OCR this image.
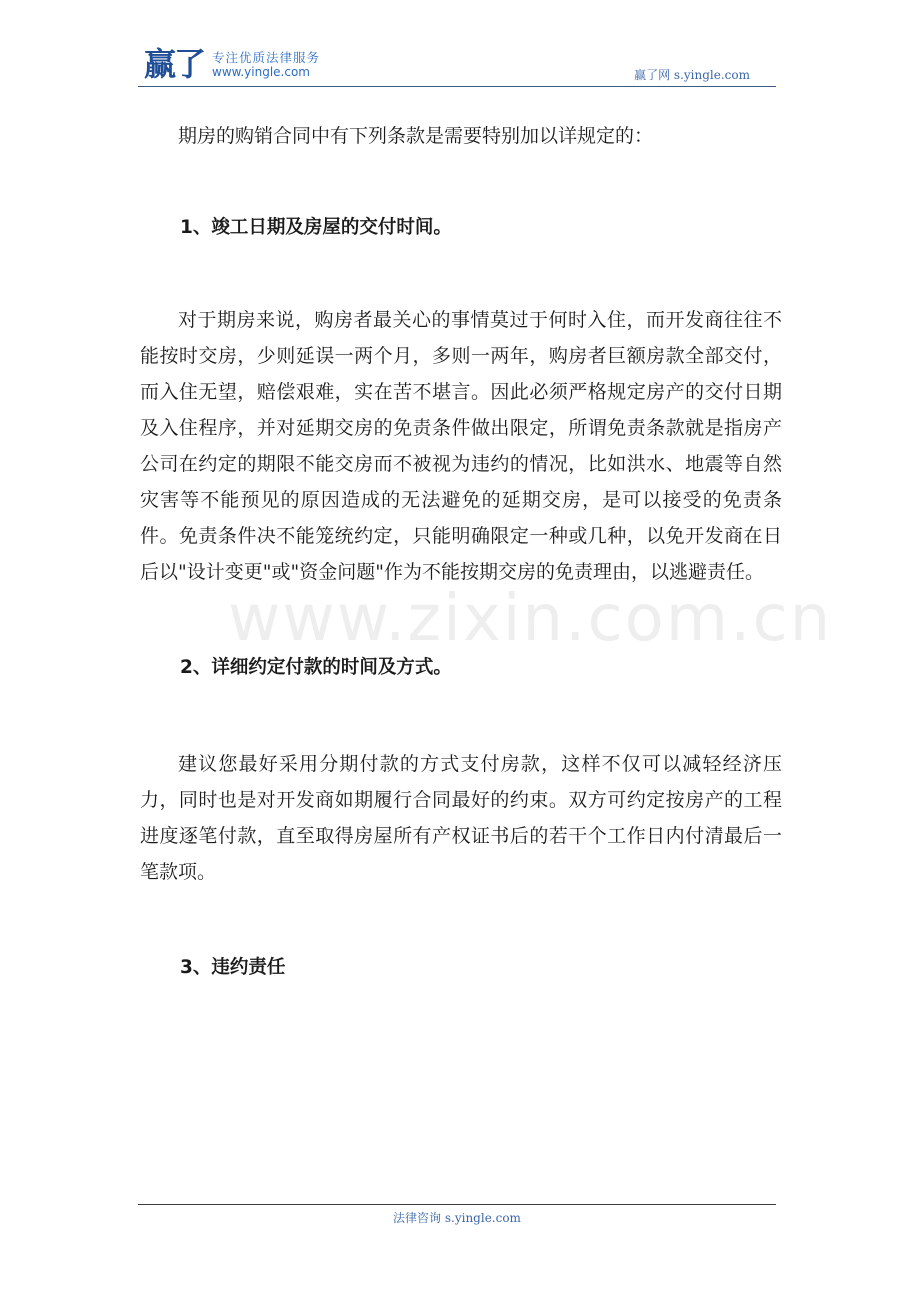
赢了 专注优质法律服务
www.yingle.com	赢了网 s.yingle.com

期房的购销合同中有下列条款是需要特别加以详规定的：

1、竣工日期及房屋的交付时间。

对于期房来说，购房者最关心的事情莫过于何时入住，而开发商往往不能按时交房，少则延误一两个月，多则一两年，购房者巨额房款全部交付，而入住无望，赔偿艰难，实在苦不堪言。因此必须严格规定房产的交付日期及入住程序，并对延期交房的免责条件做出限定，所谓免责条款就是指房产公司在约定的期限不能交房而不被视为违约的情况，比如洪水、地震等自然灾害等不能预见的原因造成的无法避免的延期交房，是可以接受的免责条件。免责条件决不能笼统约定，只能明确限定一种或几种，以免开发商在日后以"设计变更"或"资金问题"作为不能按期交房的免责理由，以逃避责任。

2、详细约定付款的时间及方式。

建议您最好采用分期付款的方式支付房款，这样不仅可以减轻经济压力，同时也是对开发商如期履行合同最好的约束。双方可约定按房产的工程进度逐笔付款，直至取得房屋所有产权证书后的若干个工作日内付清最后一笔款项。

3、违约责任

www.zixin.com.cn
法律咨询 s.yingle.com
